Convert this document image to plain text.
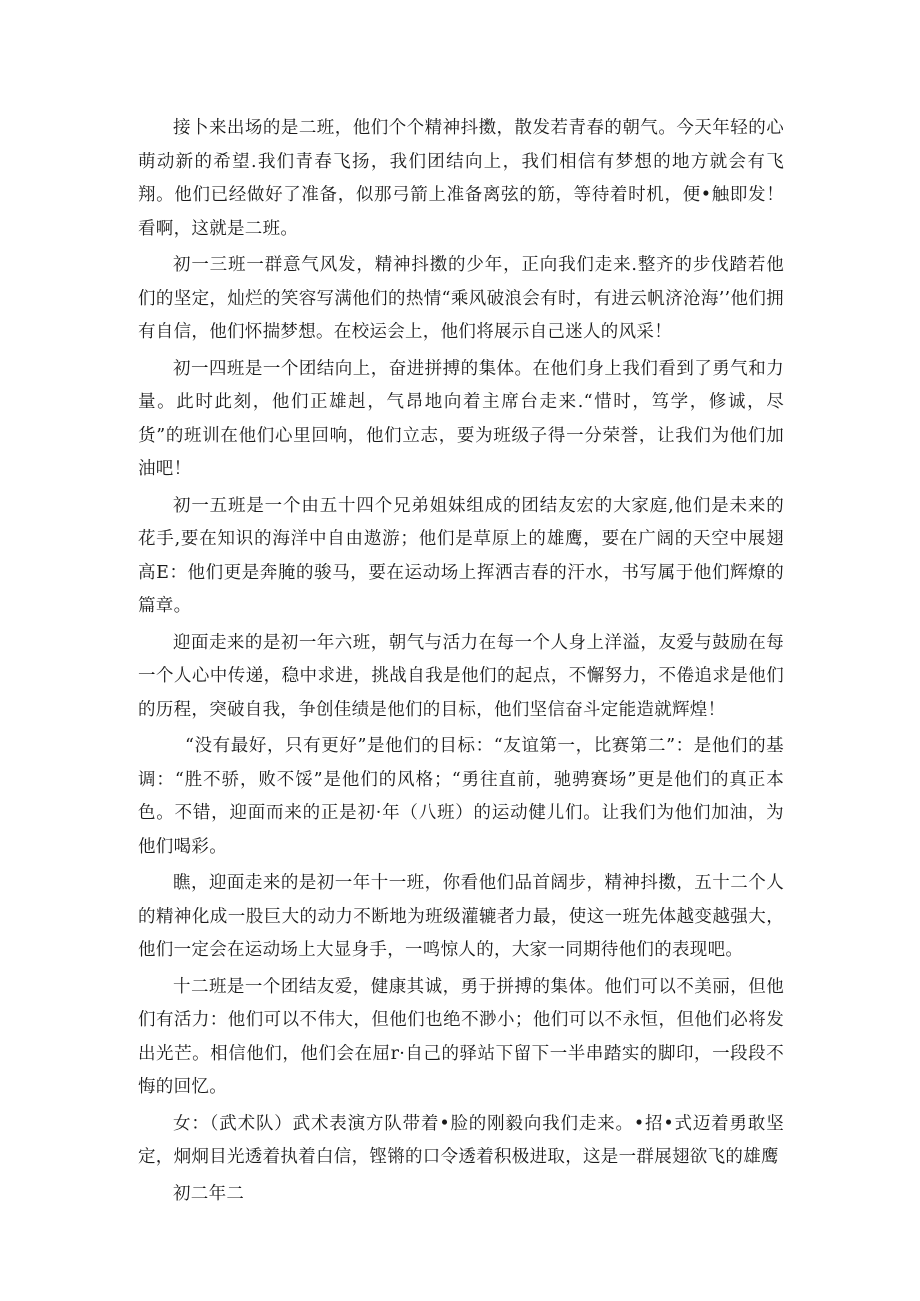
接卜来出场的是二班，他们个个精神抖擞，散发若青春的朝气。今天年轻的心萌动新的希望.我们青春飞扬，我们团结向上，我们相信有梦想的地方就会有飞翔。他们已经做好了准备，似那弓箭上准备离弦的筋，等待着时机，便•触即发！看啊，这就是二班。

初一三班一群意气风发，精神抖擞的少年，正向我们走来.整齐的步伐踏若他们的坚定，灿烂的笑容写满他们的热情“乘风破浪会有时，有进云帆济沧海’’他们拥有自信，他们怀揣梦想。在校运会上，他们将展示自己迷人的风采！

初一四班是一个团结向上，奋进拼搏的集体。在他们身上我们看到了勇气和力量。此时此刻，他们正雄赳，气昂地向着主席台走来.“惜时，笃学，修诚，尽货”的班训在他们心里回响，他们立志，要为班级子得一分荣誉，让我们为他们加油吧！

初一五班是一个由五十四个兄弟姐妹组成的团结友宏的大家庭,他们是未来的花手,要在知识的海洋中自由遨游；他们是草原上的雄鹰，要在广阔的天空中展翅高E：他们更是奔腌的骏马，要在运动场上挥洒吉春的汗水，书写属于他们辉燎的篇章。

迎面走来的是初一年六班，朝气与活力在每一个人身上洋溢，友爱与鼓励在每一个人心中传递，稳中求进，挑战自我是他们的起点，不懈努力，不倦追求是他们的历程，突破自我，争创佳绩是他们的目标，他们坚信奋斗定能造就辉煌！

“没有最好，只有更好”是他们的目标：“友谊第一，比赛第二”：是他们的基调：“胜不骄，败不馁”是他们的风格；“勇往直前，驰骋赛场”更是他们的真正本色。不错，迎面而来的正是初·年（八班）的运动健儿们。让我们为他们加油，为他们喝彩。

瞧，迎面走来的是初一年十一班，你看他们品首阔步，精神抖擞，五十二个人的精神化成一股巨大的动力不断地为班级灌辘者力最，使这一班先体越变越强大，他们一定会在运动场上大显身手，一鸣惊人的，大家一同期待他们的表现吧。

十二班是一个团结友爱，健康其诚，勇于拼搏的集体。他们可以不美丽，但他们有活力：他们可以不伟大，但他们也绝不渺小；他们可以不永恒，但他们必将发出光芒。相信他们，他们会在屈r·自己的驿站下留下一半串踏实的脚印，一段段不悔的回忆。

女：（武术队）武术表演方队带着•脸的刚毅向我们走来。•招•式迈着勇敢坚定，炯炯目光透着执着白信，铿锵的口令透着积极进取，这是一群展翅欲飞的雄鹰

初二年二
